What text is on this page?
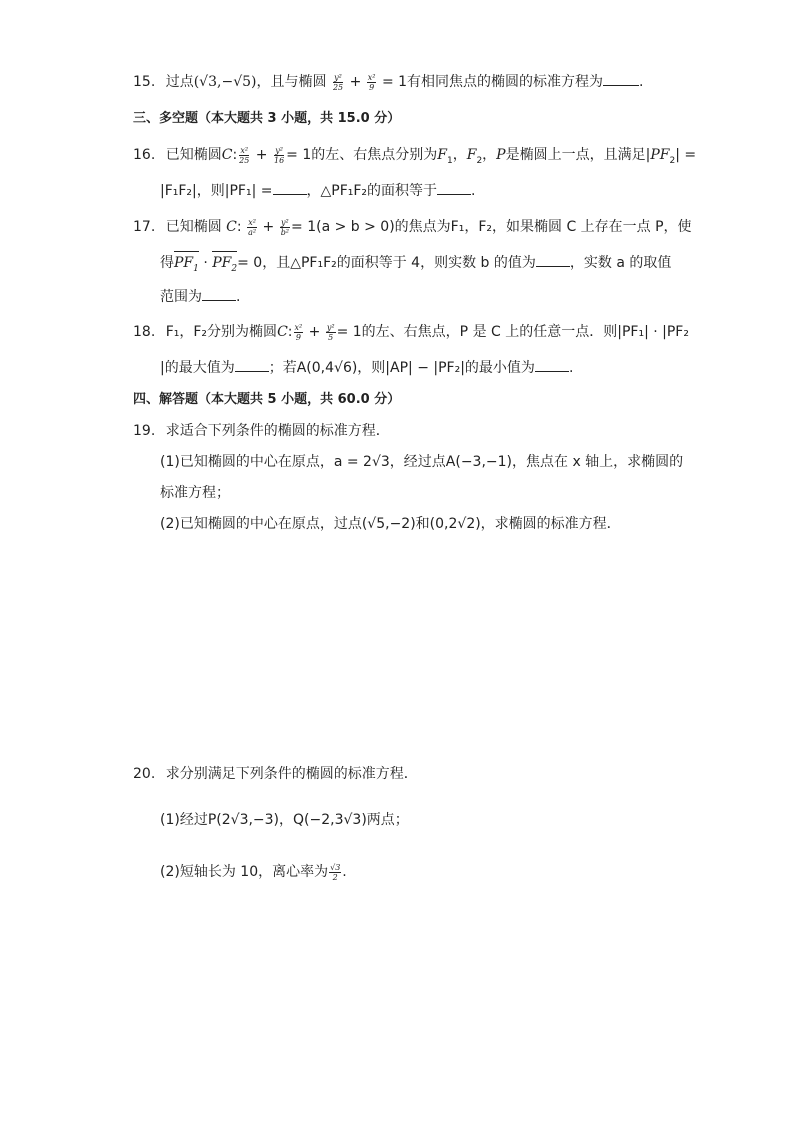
15. 过点(√3,−√5)，且与椭圆 $\frac{\text{y²}}{25} + \frac{\text{x²}}{9} = 1$有相同焦点的椭圆的标准方程为	.
三、多空题（本大题共 3 小题，共 15.0 分）
16. 已知椭圆C: $\frac{\text{x²}}{25} + \frac{\text{y²}}{16} = 1$的左、右焦点分别为$F_1$，$F_2$，P是椭圆上一点，且满足$|PF_2|$ =
|F₁F₂|，则|PF₁| = ，△PF₁F₂的面积等于 .
17. 已知椭圆 C: $\frac{\text{x²}}{\text{a²}} + \frac{\text{y²}}{\text{b²}} = 1(a > b > 0)$的焦点为F₁，F₂，如果椭圆 C 上存在一点 P，使
得$PF_1 \cdot PF_2= 0$，且△PF₁F₂的面积等于 4，则实数 b 的值为 ，实数 a 的取值
范围为 .
18. F₁，F₂分别为椭圆C: $\frac{\text{x²}}{9} + \frac{\text{y²}}{5} = 1$的左、右焦点，P 是 C 上的任意一点．则|PF₁| · |PF₂
|的最大值为 ；若A(0,4√6)，则|AP| − |PF₂|的最小值为 .
四、解答题（本大题共 5 小题，共 60.0 分）
19. 求适合下列条件的椭圆的标准方程．
(1)已知椭圆的中心在原点，a = 2√3，经过点A(−3,−1)，焦点在 x 轴上，求椭圆的
标准方程；
(2)已知椭圆的中心在原点，过点(√5,−2)和(0,2√2)，求椭圆的标准方程．
20. 求分别满足下列条件的椭圆的标准方程．
(1)经过P(2√3,−3)，Q(−2,3√3)两点；
(2)短轴长为 10，离心率为 $\frac{√3}{2}$ .
